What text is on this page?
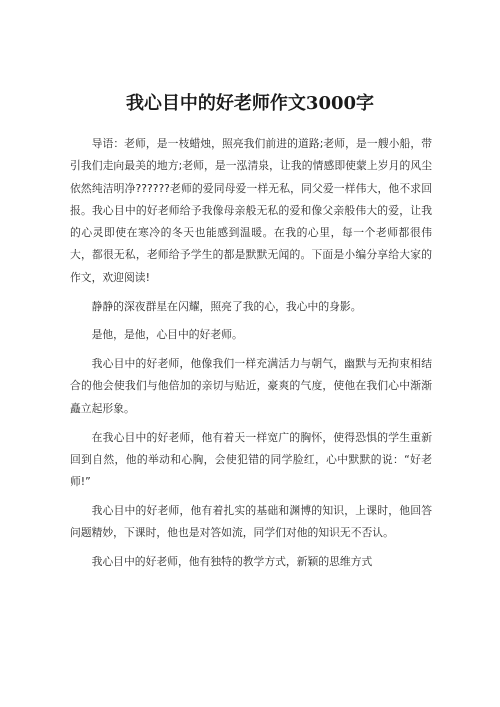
我心目中的好老师作文3000字

导语：老师，是一枝蜡烛，照亮我们前进的道路;老师，是一艘小船，带引我们走向最美的地方;老师，是一泓清泉，让我的情感即使蒙上岁月的风尘依然纯洁明净??????老师的爱同母爱一样无私，同父爱一样伟大，他不求回报。我心目中的好老师给予我像母亲般无私的爱和像父亲般伟大的爱，让我的心灵即使在寒冷的冬天也能感到温暖。在我的心里，每一个老师都很伟大，都很无私，老师给予学生的都是默默无闻的。下面是小编分享给大家的作文，欢迎阅读!

静静的深夜群星在闪耀，照亮了我的心，我心中的身影。

是他，是他，心目中的好老师。

我心目中的好老师，他像我们一样充满活力与朝气，幽默与无拘束相结合的他会使我们与他倍加的亲切与贴近，豪爽的气度，使他在我们心中渐渐矗立起形象。

在我心目中的好老师，他有着天一样宽广的胸怀，使得恐惧的学生重新回到自然，他的举动和心胸，会使犯错的同学脸红，心中默默的说：“好老师!”

我心目中的好老师，他有着扎实的基础和渊博的知识，上课时，他回答问题精妙，下课时，他也是对答如流，同学们对他的知识无不否认。

我心目中的好老师，他有独特的教学方式，新颖的思维方式
